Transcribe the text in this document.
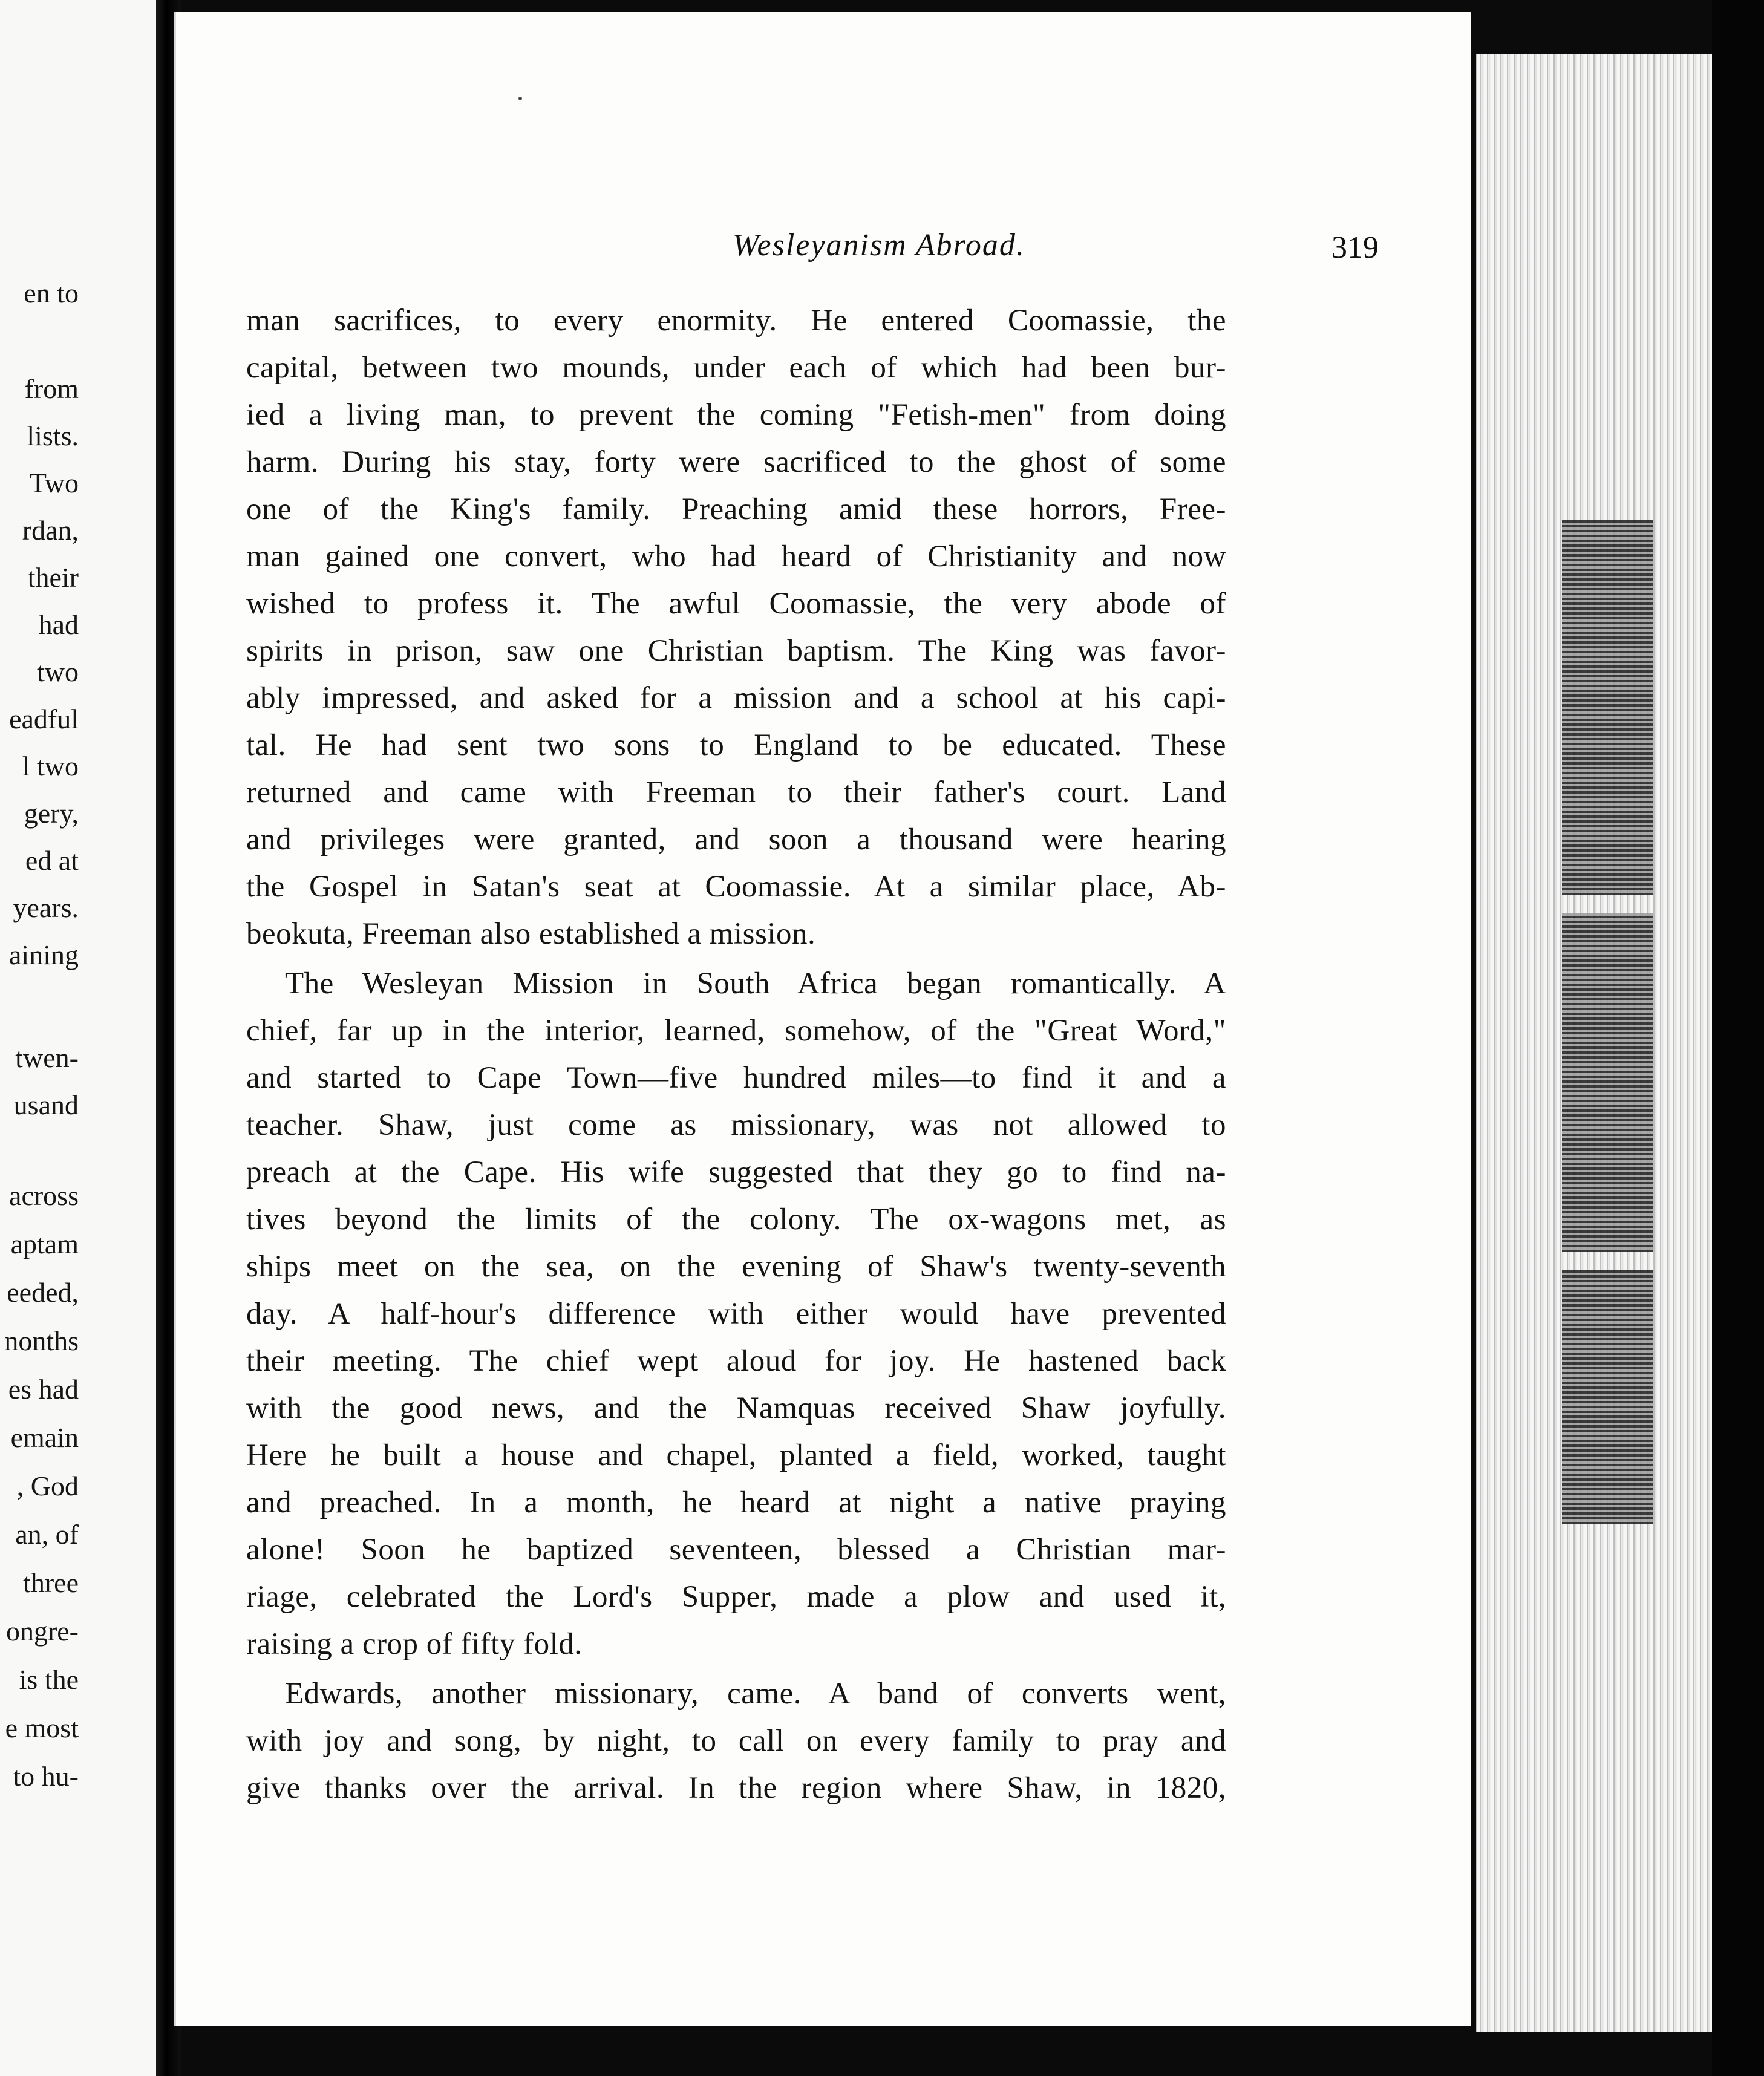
en to

from

lists.

Two

rdan,

their

had

two

eadful

l two

gery,

ed at

years.

aining

twen-

usand

across

aptam

eeded,

nonths

es had

emain

, God

an, of

three

ongre-

is the

e most

to hu-

Wesleyanism Abroad.	319

man sacrifices, to every enormity. He entered Coomassie, the

capital, between two mounds, under each of which had been bur-

ied a living man, to prevent the coming "Fetish-men" from doing

harm. During his stay, forty were sacrificed to the ghost of some

one of the King's family. Preaching amid these horrors, Free-

man gained one convert, who had heard of Christianity and now

wished to profess it. The awful Coomassie, the very abode of

spirits in prison, saw one Christian baptism. The King was favor-

ably impressed, and asked for a mission and a school at his capi-

tal. He had sent two sons to England to be educated. These

returned and came with Freeman to their father's court. Land

and privileges were granted, and soon a thousand were hearing

the Gospel in Satan's seat at Coomassie. At a similar place, Ab-

beokuta, Freeman also established a mission.

The Wesleyan Mission in South Africa began romantically. A

chief, far up in the interior, learned, somehow, of the "Great Word,"

and started to Cape Town—five hundred miles—to find it and a

teacher. Shaw, just come as missionary, was not allowed to

preach at the Cape. His wife suggested that they go to find na-

tives beyond the limits of the colony. The ox-wagons met, as

ships meet on the sea, on the evening of Shaw's twenty-seventh

day. A half-hour's difference with either would have prevented

their meeting. The chief wept aloud for joy. He hastened back

with the good news, and the Namquas received Shaw joyfully.

Here he built a house and chapel, planted a field, worked, taught

and preached. In a month, he heard at night a native praying

alone! Soon he baptized seventeen, blessed a Christian mar-

riage, celebrated the Lord's Supper, made a plow and used it,

raising a crop of fifty fold.

Edwards, another missionary, came. A band of converts went,

with joy and song, by night, to call on every family to pray and

give thanks over the arrival. In the region where Shaw, in 1820,
